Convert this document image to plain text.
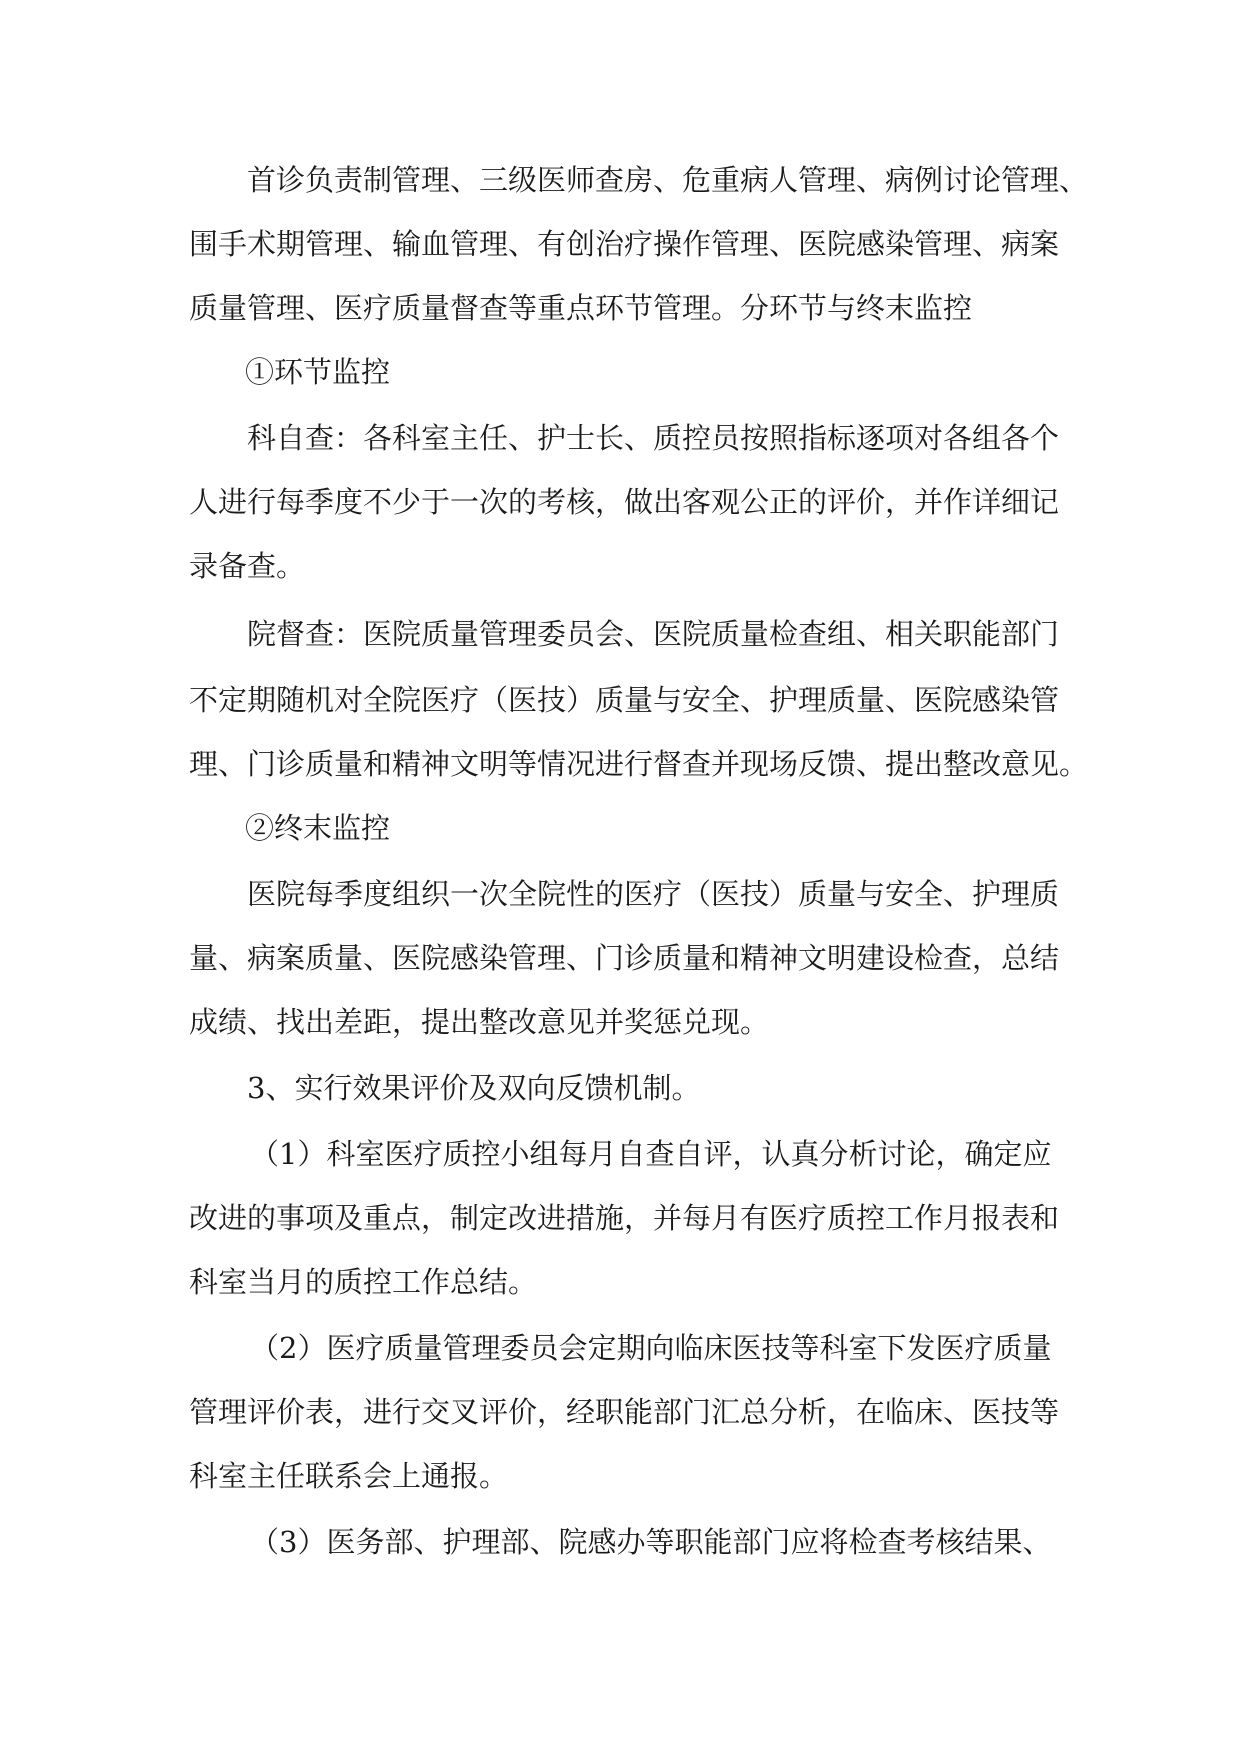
首诊负责制管理、三级医师查房、危重病人管理、病例讨论管理、
围手术期管理、输血管理、有创治疗操作管理、医院感染管理、病案
质量管理、医疗质量督查等重点环节管理。分环节与终末监控
①环节监控
科自查：各科室主任、护士长、质控员按照指标逐项对各组各个
人进行每季度不少于一次的考核，做出客观公正的评价，并作详细记
录备查。
院督查：医院质量管理委员会、医院质量检查组、相关职能部门
不定期随机对全院医疗（医技）质量与安全、护理质量、医院感染管
理、门诊质量和精神文明等情况进行督查并现场反馈、提出整改意见。
②终末监控
医院每季度组织一次全院性的医疗（医技）质量与安全、护理质
量、病案质量、医院感染管理、门诊质量和精神文明建设检查，总结
成绩、找出差距，提出整改意见并奖惩兑现。
3、实行效果评价及双向反馈机制。
（1）科室医疗质控小组每月自查自评，认真分析讨论，确定应
改进的事项及重点，制定改进措施，并每月有医疗质控工作月报表和
科室当月的质控工作总结。
（2）医疗质量管理委员会定期向临床医技等科室下发医疗质量
管理评价表，进行交叉评价，经职能部门汇总分析，在临床、医技等
科室主任联系会上通报。
（3）医务部、护理部、院感办等职能部门应将检查考核结果、
